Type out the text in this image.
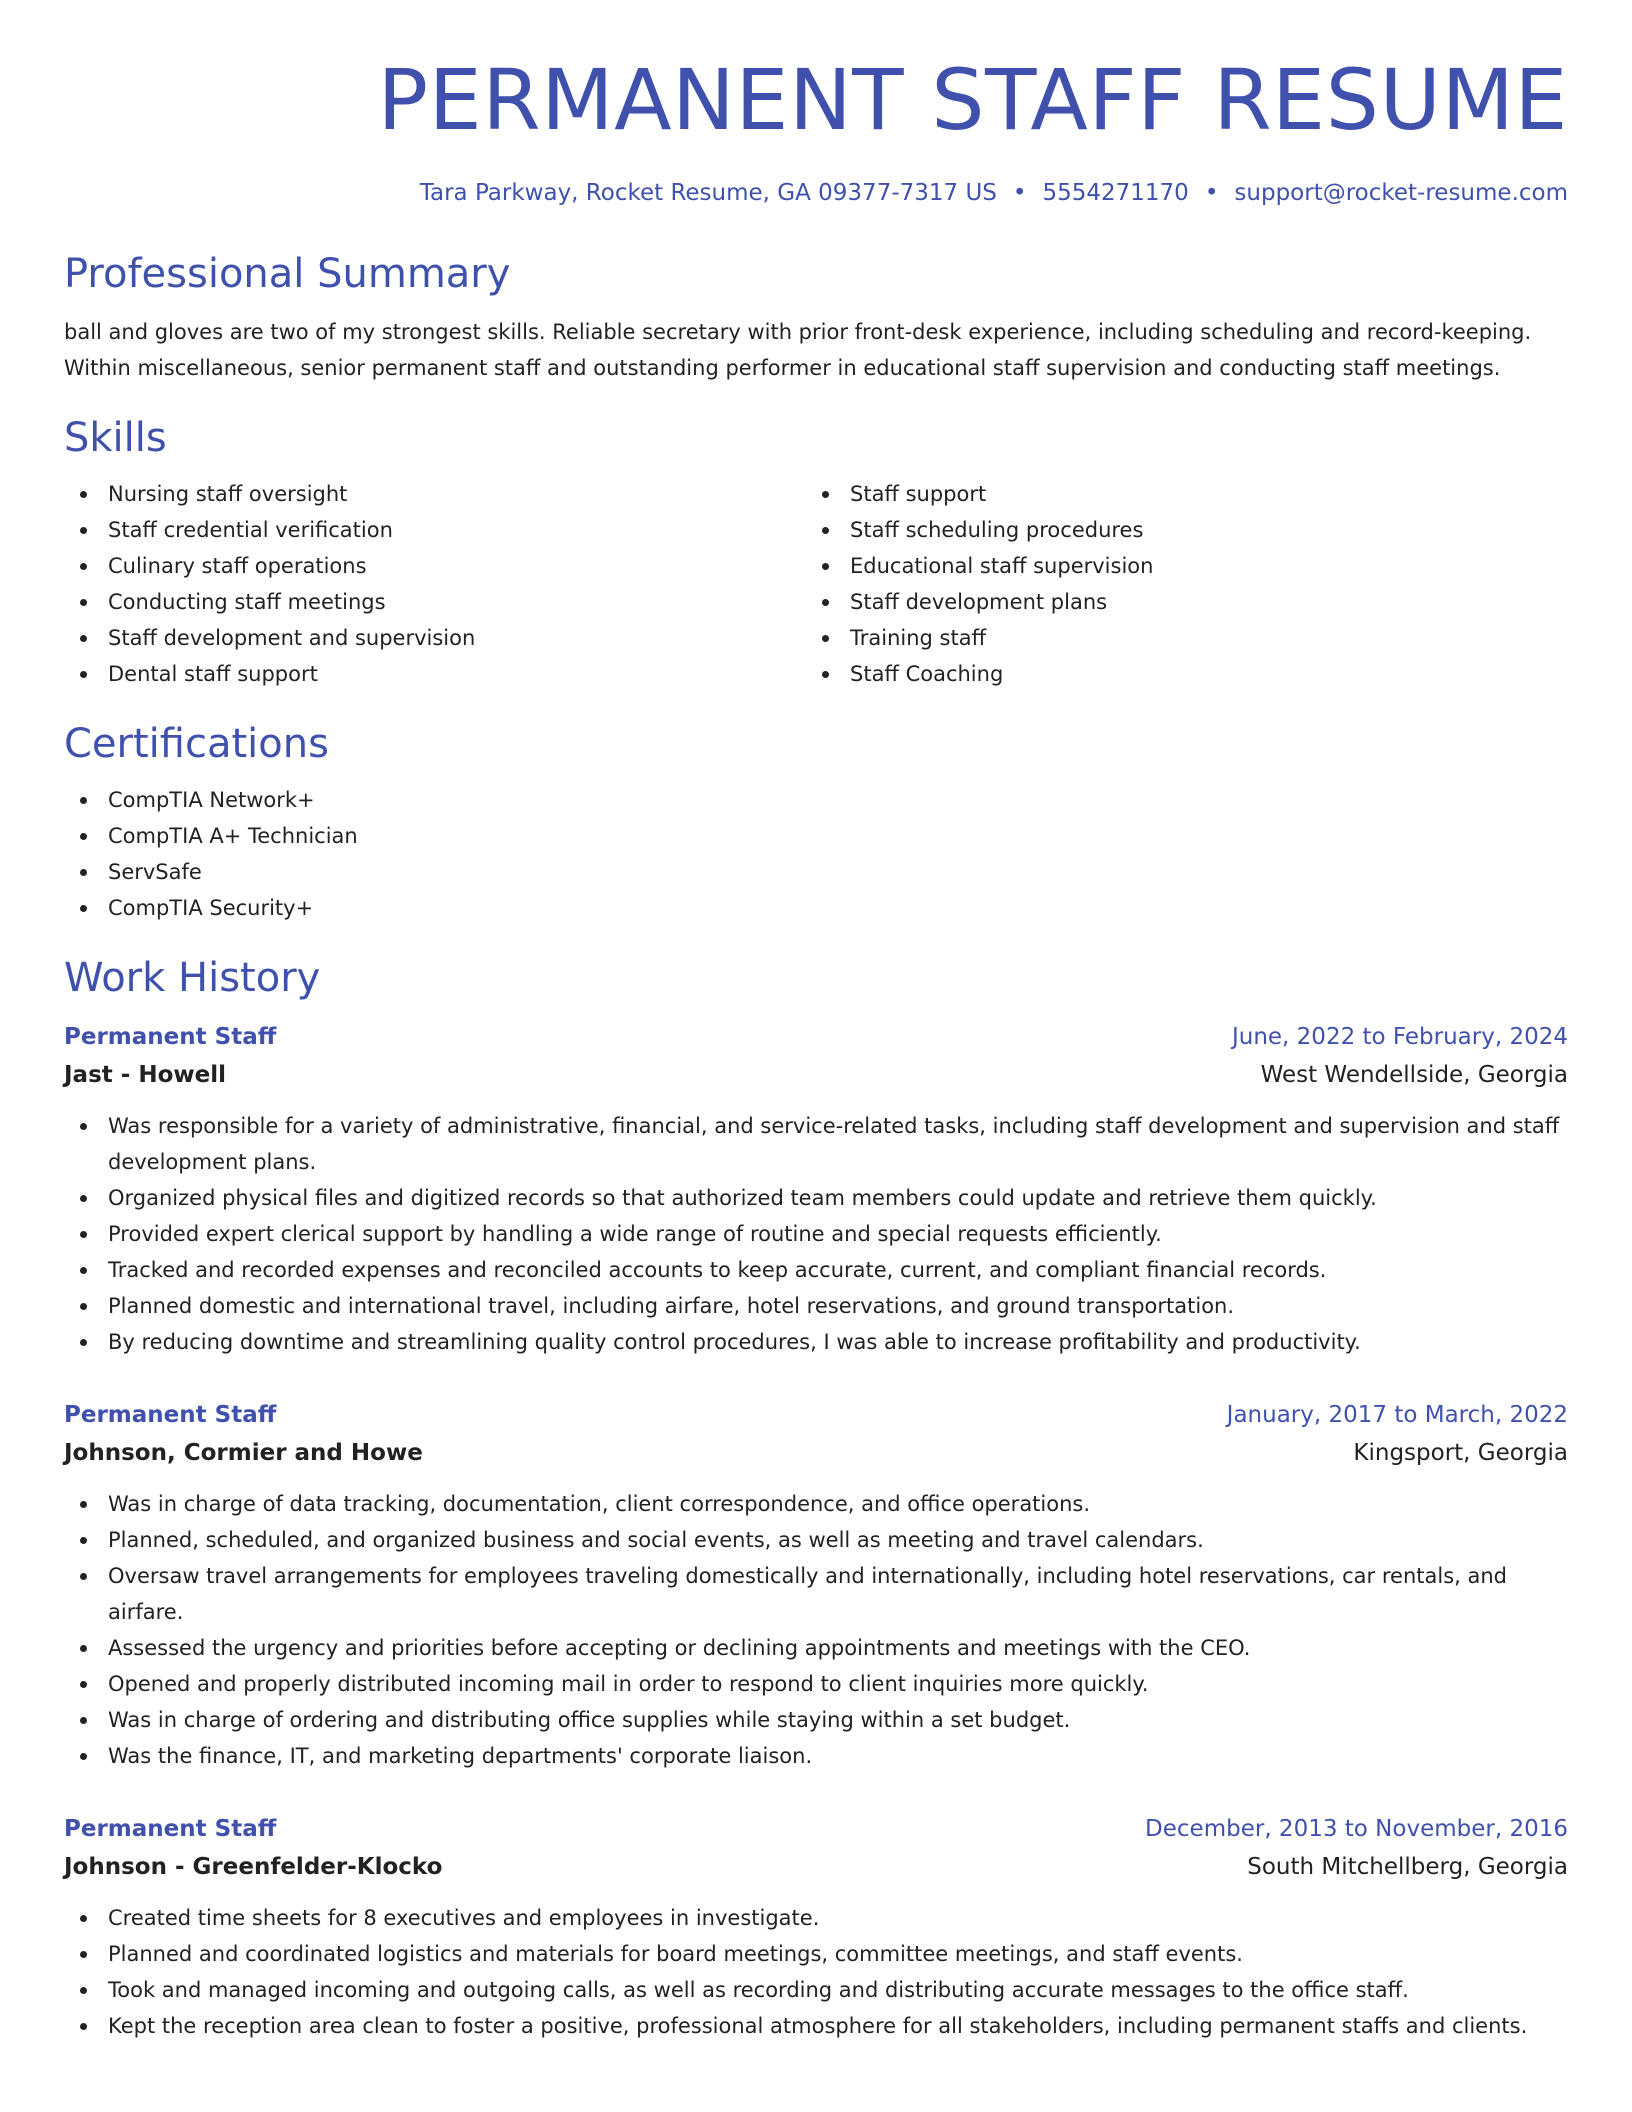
PERMANENT STAFF RESUME
Tara Parkway, Rocket Resume, GA 09377-7317 US • 5554271170 • support@rocket-resume.com
Professional Summary

ball and gloves are two of my strongest skills. Reliable secretary with prior front-desk experience, including scheduling and record-keeping. Within miscellaneous, senior permanent staff and outstanding performer in educational staff supervision and conducting staff meetings.

Skills
Nursing staff oversight
Staff credential verification
Culinary staff operations
Conducting staff meetings
Staff development and supervision
Dental staff support
Staff support
Staff scheduling procedures
Educational staff supervision
Staff development plans
Training staff
Staff Coaching
Certifications
CompTIA Network+
CompTIA A+ Technician
ServSafe
CompTIA Security+
Work History
Permanent Staff	June, 2022 to February, 2024
Jast - Howell	West Wendellside, Georgia
Was responsible for a variety of administrative, financial, and service-related tasks, including staff development and supervision and staff development plans.
Organized physical files and digitized records so that authorized team members could update and retrieve them quickly.
Provided expert clerical support by handling a wide range of routine and special requests efficiently.
Tracked and recorded expenses and reconciled accounts to keep accurate, current, and compliant financial records.
Planned domestic and international travel, including airfare, hotel reservations, and ground transportation.
By reducing downtime and streamlining quality control procedures, I was able to increase profitability and productivity.
Permanent Staff	January, 2017 to March, 2022
Johnson, Cormier and Howe	Kingsport, Georgia
Was in charge of data tracking, documentation, client correspondence, and office operations.
Planned, scheduled, and organized business and social events, as well as meeting and travel calendars.
Oversaw travel arrangements for employees traveling domestically and internationally, including hotel reservations, car rentals, and airfare.
Assessed the urgency and priorities before accepting or declining appointments and meetings with the CEO.
Opened and properly distributed incoming mail in order to respond to client inquiries more quickly.
Was in charge of ordering and distributing office supplies while staying within a set budget.
Was the finance, IT, and marketing departments' corporate liaison.
Permanent Staff	December, 2013 to November, 2016
Johnson - Greenfelder-Klocko	South Mitchellberg, Georgia
Created time sheets for 8 executives and employees in investigate.
Planned and coordinated logistics and materials for board meetings, committee meetings, and staff events.
Took and managed incoming and outgoing calls, as well as recording and distributing accurate messages to the office staff.
Kept the reception area clean to foster a positive, professional atmosphere for all stakeholders, including permanent staffs and clients.
